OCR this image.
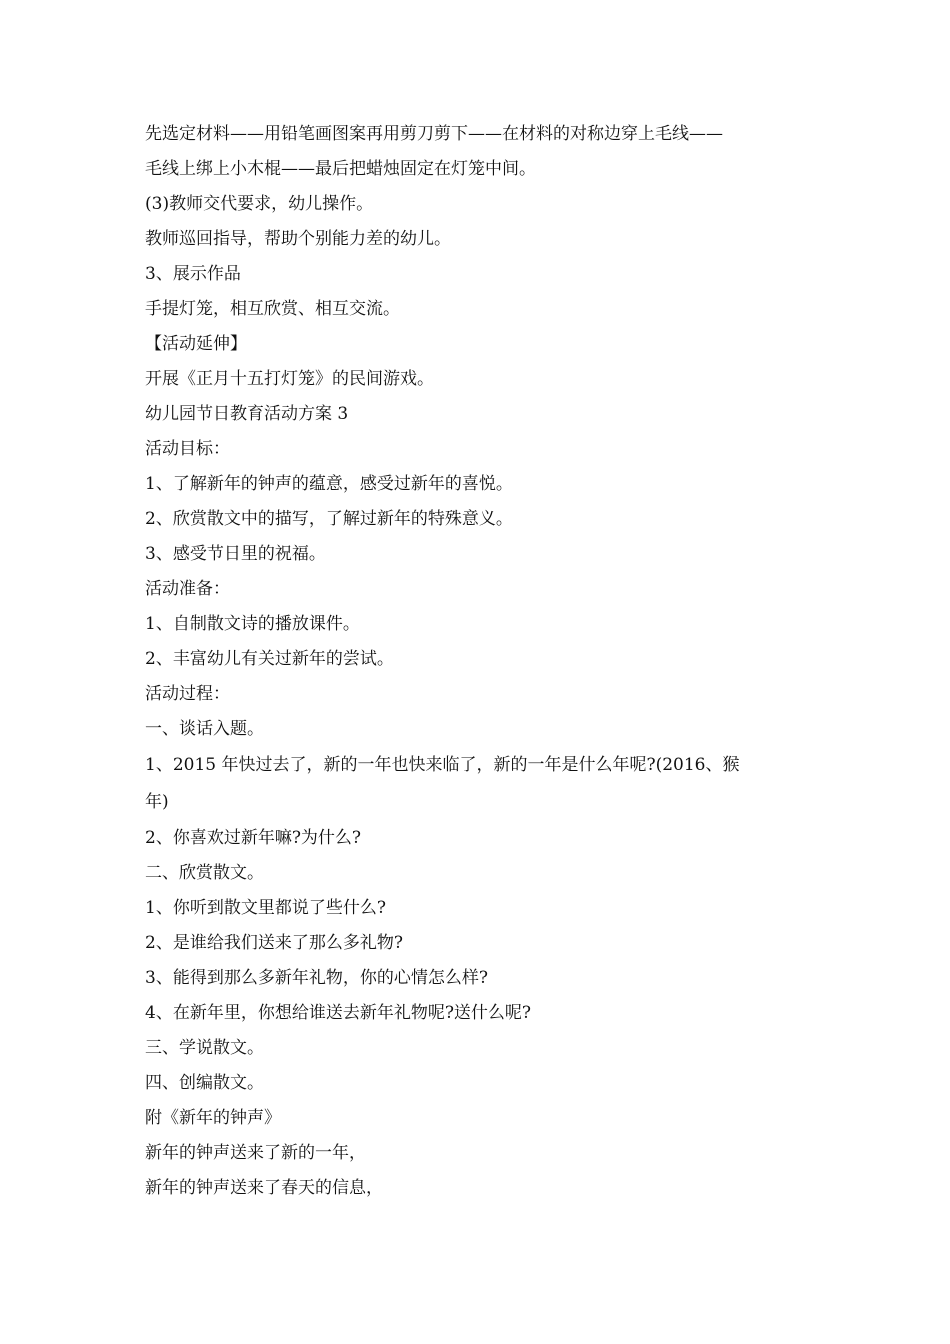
先选定材料——用铅笔画图案再用剪刀剪下——在材料的对称边穿上毛线——
毛线上绑上小木棍——最后把蜡烛固定在灯笼中间。
(3)教师交代要求，幼儿操作。
教师巡回指导，帮助个别能力差的幼儿。
3、展示作品
手提灯笼，相互欣赏、相互交流。
【活动延伸】
开展《正月十五打灯笼》的民间游戏。
幼儿园节日教育活动方案 3
活动目标：
1、了解新年的钟声的蕴意，感受过新年的喜悦。
2、欣赏散文中的描写，了解过新年的特殊意义。
3、感受节日里的祝福。
活动准备：
1、自制散文诗的播放课件。
2、丰富幼儿有关过新年的尝试。
活动过程：
一、谈话入题。
1、2015 年快过去了，新的一年也快来临了，新的一年是什么年呢?(2016、猴
年)
2、你喜欢过新年嘛?为什么?
二、欣赏散文。
1、你听到散文里都说了些什么?
2、是谁给我们送来了那么多礼物?
3、能得到那么多新年礼物，你的心情怎么样?
4、在新年里，你想给谁送去新年礼物呢?送什么呢?
三、学说散文。
四、创编散文。
附《新年的钟声》
新年的钟声送来了新的一年，
新年的钟声送来了春天的信息，
